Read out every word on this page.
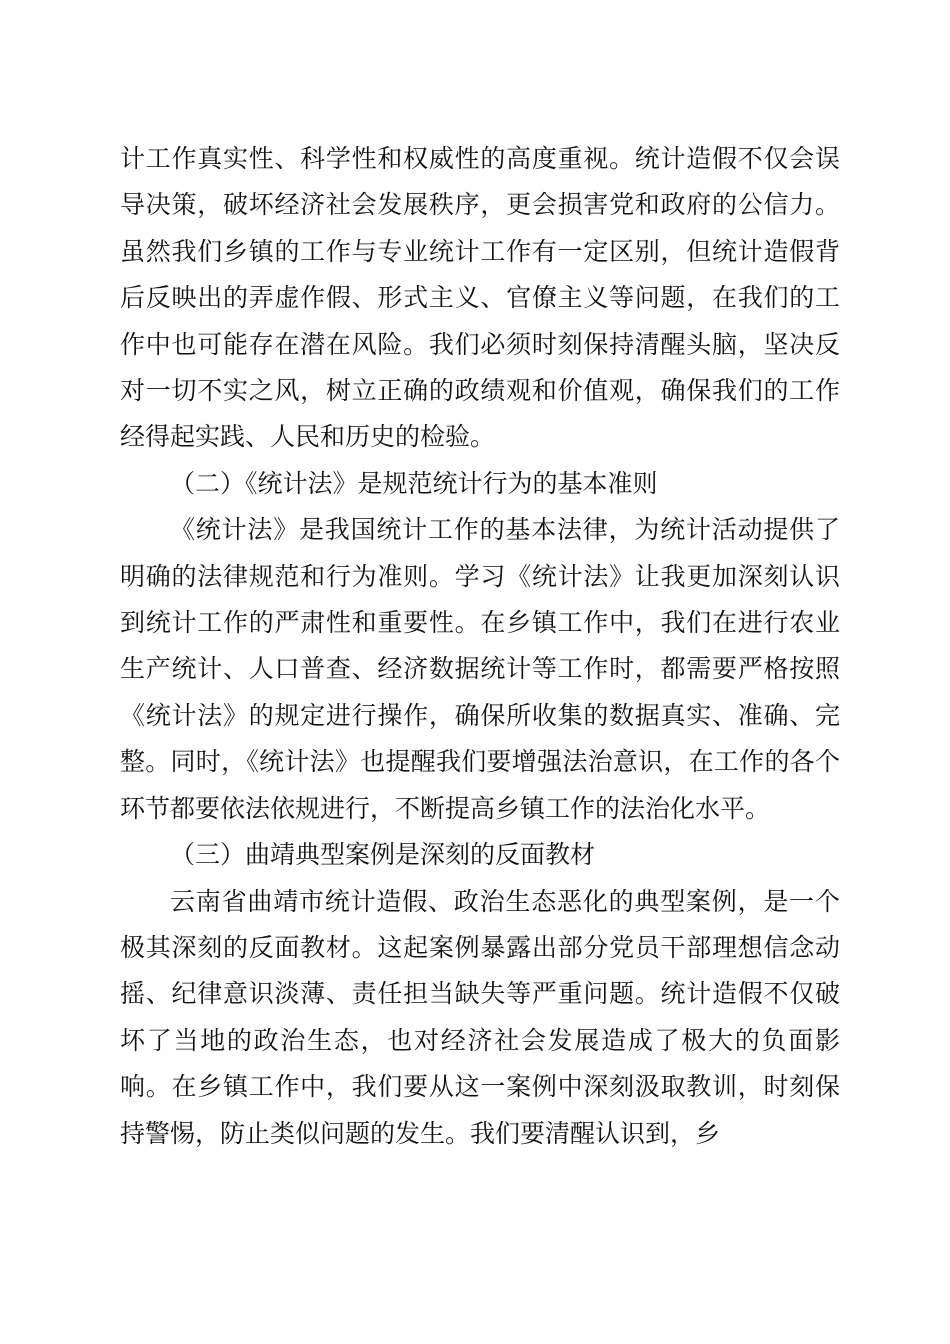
计工作真实性、科学性和权威性的高度重视。统计造假不仅会误导决策，破坏经济社会发展秩序，更会损害党和政府的公信力。虽然我们乡镇的工作与专业统计工作有一定区别，但统计造假背后反映出的弄虚作假、形式主义、官僚主义等问题，在我们的工作中也可能存在潜在风险。我们必须时刻保持清醒头脑，坚决反对一切不实之风，树立正确的政绩观和价值观，确保我们的工作经得起实践、人民和历史的检验。

（二）《统计法》是规范统计行为的基本准则

《统计法》是我国统计工作的基本法律，为统计活动提供了明确的法律规范和行为准则。学习《统计法》让我更加深刻认识到统计工作的严肃性和重要性。在乡镇工作中，我们在进行农业生产统计、人口普查、经济数据统计等工作时，都需要严格按照《统计法》的规定进行操作，确保所收集的数据真实、准确、完整。同时，《统计法》也提醒我们要增强法治意识，在工作的各个环节都要依法依规进行，不断提高乡镇工作的法治化水平。

（三）曲靖典型案例是深刻的反面教材

云南省曲靖市统计造假、政治生态恶化的典型案例，是一个极其深刻的反面教材。这起案例暴露出部分党员干部理想信念动摇、纪律意识淡薄、责任担当缺失等严重问题。统计造假不仅破坏了当地的政治生态，也对经济社会发展造成了极大的负面影响。在乡镇工作中，我们要从这一案例中深刻汲取教训，时刻保持警惕，防止类似问题的发生。我们要清醒认识到，乡
